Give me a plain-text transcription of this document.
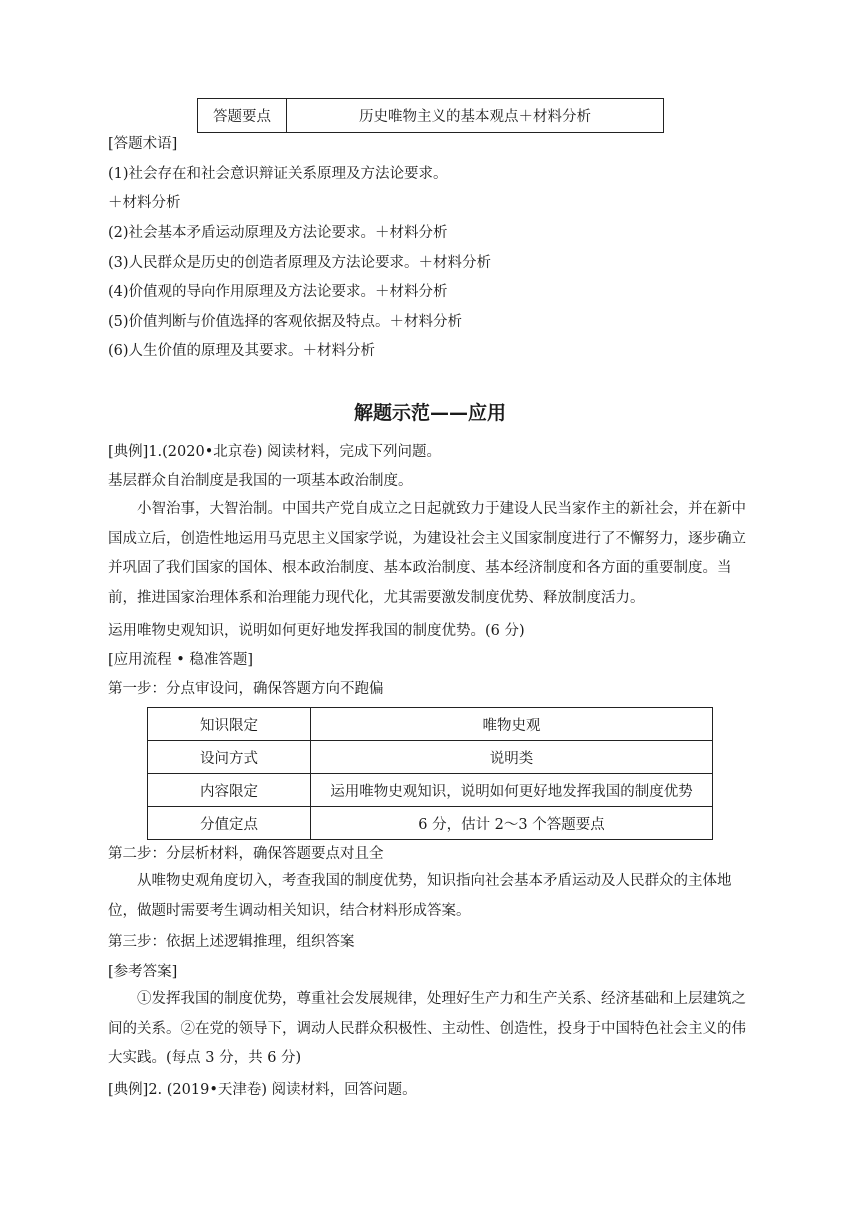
答题要点	历史唯物主义的基本观点＋材料分析
[答题术语]
(1)社会存在和社会意识辩证关系原理及方法论要求。
＋材料分析
(2)社会基本矛盾运动原理及方法论要求。＋材料分析
(3)人民群众是历史的创造者原理及方法论要求。＋材料分析
(4)价值观的导向作用原理及方法论要求。＋材料分析
(5)价值判断与价值选择的客观依据及特点。＋材料分析
(6)人生价值的原理及其要求。＋材料分析
解题示范——应用
[典例]1.(2020•北京卷) 阅读材料，完成下列问题。
基层群众自治制度是我国的一项基本政治制度。
小智治事，大智治制。中国共产党自成立之日起就致力于建设人民当家作主的新社会，并在新中国成立后，创造性地运用马克思主义国家学说，为建设社会主义国家制度进行了不懈努力，逐步确立并巩固了我们国家的国体、根本政治制度、基本政治制度、基本经济制度和各方面的重要制度。当前，推进国家治理体系和治理能力现代化，尤其需要激发制度优势、释放制度活力。
运用唯物史观知识，说明如何更好地发挥我国的制度优势。(6 分)
[应用流程 • 稳准答题]
第一步：分点审设问，确保答题方向不跑偏
知识限定	唯物史观
设问方式	说明类
内容限定	运用唯物史观知识，说明如何更好地发挥我国的制度优势
分值定点	6 分，估计 2～3 个答题要点
第二步：分层析材料，确保答题要点对且全
从唯物史观角度切入，考查我国的制度优势，知识指向社会基本矛盾运动及人民群众的主体地位，做题时需要考生调动相关知识，结合材料形成答案。
第三步：依据上述逻辑推理，组织答案
[参考答案]
①发挥我国的制度优势，尊重社会发展规律，处理好生产力和生产关系、经济基础和上层建筑之间的关系。②在党的领导下，调动人民群众积极性、主动性、创造性，投身于中国特色社会主义的伟大实践。(每点 3 分，共 6 分)
[典例]2. (2019•天津卷) 阅读材料，回答问题。
